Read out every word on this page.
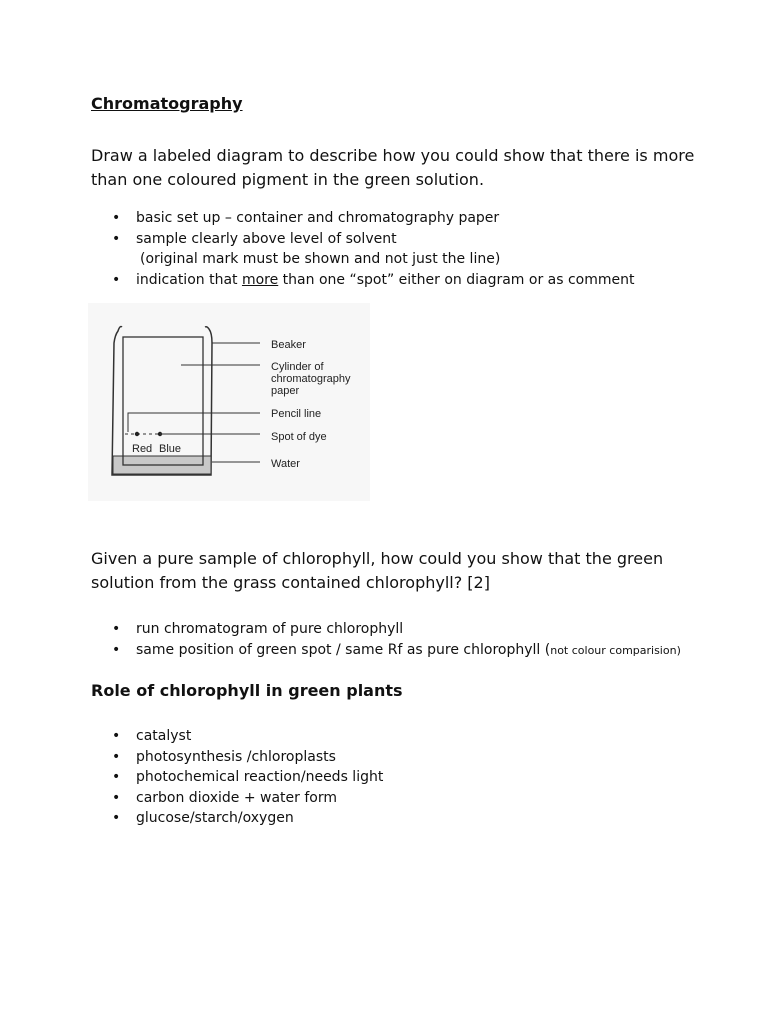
Chromatography

Draw a labeled diagram to describe how you could show that there is more than one coloured pigment in the green solution.

• basic set up – container and chromatography paper
• sample clearly above level of solvent
(original mark must be shown and not just the line)
• indication that more than one “spot” either on diagram or as comment
Red Blue
Beaker
Cylinder of
chromatography
paper
Pencil line
Spot of dye
Water

Given a pure sample of chlorophyll, how could you show that the green solution from the grass contained chlorophyll? [2]

• run chromatogram of pure chlorophyll
• same position of green spot / same Rf as pure chlorophyll (not colour comparision)
Role of chlorophyll in green plants
• catalyst
• photosynthesis /chloroplasts
• photochemical reaction/needs light
• carbon dioxide + water form
• glucose/starch/oxygen
